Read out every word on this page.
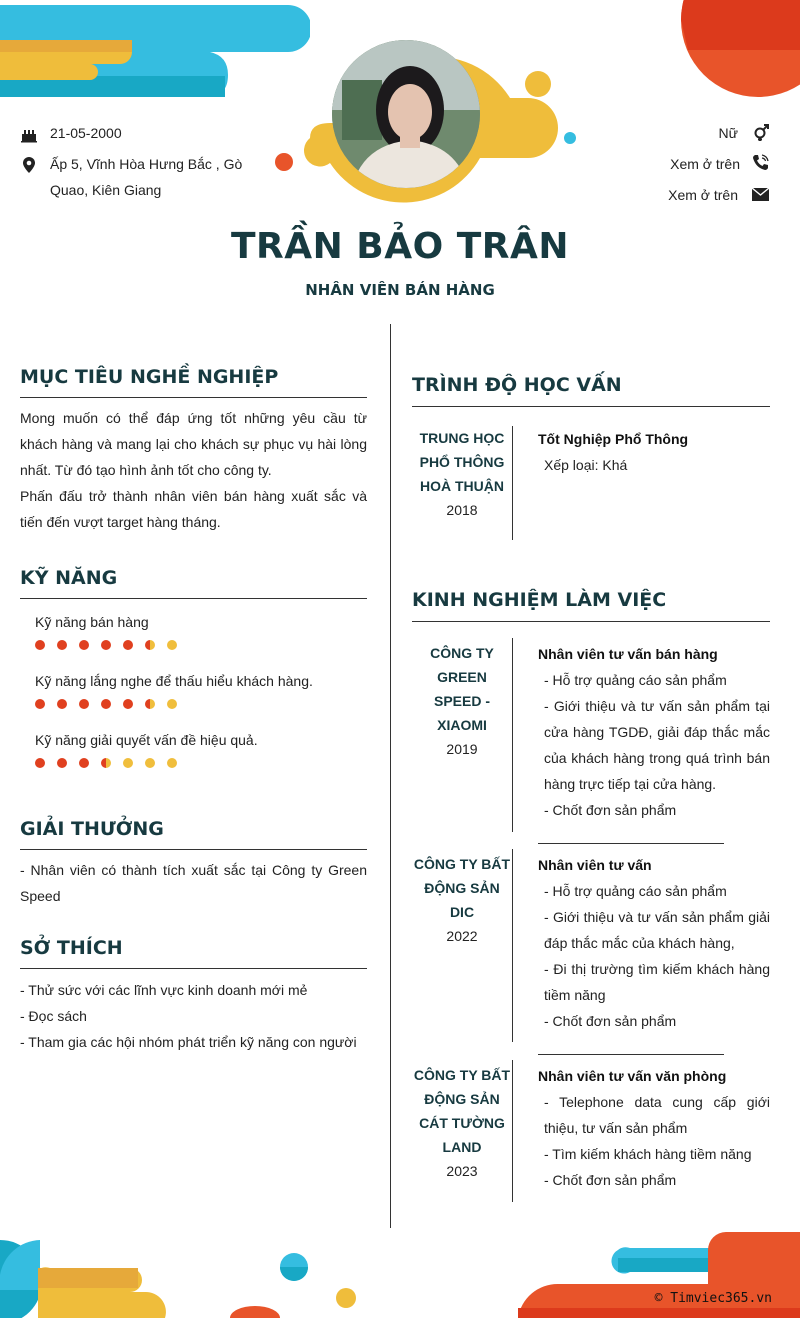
21-05-2000
Ấp 5, Vĩnh Hòa Hưng Bắc , Gò
Quao, Kiên Giang
Nữ
Xem ở trên
Xem ở trên
TRẦN BẢO TRÂN
NHÂN VIÊN BÁN HÀNG
MỤC TIÊU NGHỀ NGHIỆP
Mong muốn có thể đáp ứng tốt những yêu cầu từ khách hàng và mang lại cho khách sự phục vụ hài lòng nhất. Từ đó tạo hình ảnh tốt cho công ty.
Phấn đấu trở thành nhân viên bán hàng xuất sắc và tiến đến vượt target hàng tháng.
KỸ NĂNG
Kỹ năng bán hàng
Kỹ năng lắng nghe để thấu hiểu khách hàng.
Kỹ năng giải quyết vấn đề hiệu quả.
GIẢI THƯỞNG
- Nhân viên có thành tích xuất sắc tại Công ty Green Speed
SỞ THÍCH
- Thử sức với các lĩnh vực kinh doanh mới mẻ
- Đọc sách
- Tham gia các hội nhóm phát triển kỹ năng con người
TRÌNH ĐỘ HỌC VẤN
TRUNG HỌC PHỔ THÔNG HOÀ THUẬN
2018
Tốt Nghiệp Phổ Thông
Xếp loại: Khá
KINH NGHIỆM LÀM VIỆC
CÔNG TY GREEN SPEED - XIAOMI
2019
Nhân viên tư vấn bán hàng
- Hỗ trợ quảng cáo sản phẩm
- Giới thiệu và tư vấn sản phẩm tại cửa hàng TGDĐ, giải đáp thắc mắc của khách hàng trong quá trình bán hàng trực tiếp tại cửa hàng.
- Chốt đơn sản phẩm
CÔNG TY BẤT ĐỘNG SẢN DIC
2022
Nhân viên tư vấn
- Hỗ trợ quảng cáo sản phẩm
- Giới thiệu và tư vấn sản phẩm giải đáp thắc mắc của khách hàng,
- Đi thị trường tìm kiếm khách hàng tiềm năng
- Chốt đơn sản phẩm
CÔNG TY BẤT ĐỘNG SẢN CÁT TƯỜNG LAND
2023
Nhân viên tư vấn văn phòng
- Telephone data cung cấp giới thiệu, tư vấn sản phẩm
- Tìm kiếm khách hàng tiềm năng
- Chốt đơn sản phẩm
© Timviec365.vn
